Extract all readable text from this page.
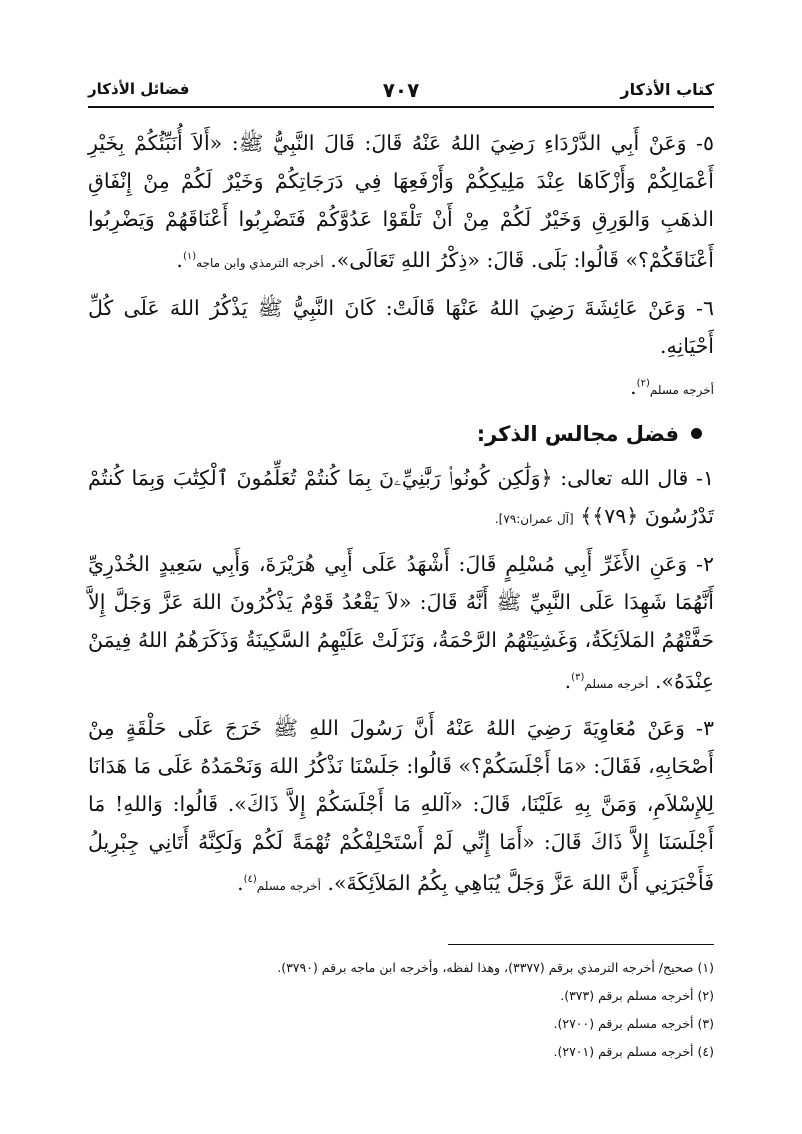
كتاب الأذكار
٧٠٧
فضائل الأذكار

٥- وَعَنْ أَبِي الدَّرْدَاءِ رَضِيَ اللهُ عَنْهُ قَالَ: قَالَ النَّبِيُّ ﷺ: «أَلاَ أُنَبِّئُكُمْ بِخَيْرِ أَعْمَالِكُمْ وَأَزْكَاهَا عِنْدَ مَلِيكِكُمْ وَأَرْفَعِهَا فِي دَرَجَاتِكُمْ وَخَيْرٌ لَكُمْ مِنْ إِنْفَاقِ الذهَبِ وَالوَرِقِ وَخَيْرٌ لَكُمْ مِنْ أَنْ تَلْقَوْا عَدُوَّكُمْ فَتَضْرِبُوا أَعْنَاقَهُمْ وَيَضْرِبُوا أَعْنَاقَكُمْ؟» قَالُوا: بَلَى. قَالَ: «ذِكْرُ اللهِ تَعَالَى». أخرجه الترمذي وابن ماجه$^{(١)}$.

٦- وَعَنْ عَائِشَةَ رَضِيَ اللهُ عَنْهَا قَالَتْ: كَانَ النَّبِيُّ ﷺ يَذْكُرُ اللهَ عَلَى كُلِّ أَحْيَانِهِ.
أخرجه مسلم$^{(٢)}$.

فضل مجالس الذكر:

١- قال الله تعالى: ﴿وَلَٰكِن كُونُوا۟ رَبَّٰنِيِّۦنَ بِمَا كُنتُمْ تُعَلِّمُونَ ٱلْكِتَٰبَ وَبِمَا كُنتُمْ تَدْرُسُونَ ﴿٧٩﴾﴾ [آل عمران:٧٩].

٢- وَعَنِ الأَغَرِّ أَبِي مُسْلِمٍ قَالَ: أَشْهَدُ عَلَى أَبِي هُرَيْرَةَ، وَأَبِي سَعِيدٍ الخُدْرِيِّ أَنَّهُمَا شَهِدَا عَلَى النَّبِيِّ ﷺ أَنَّهُ قَالَ: «لاَ يَقْعُدُ قَوْمٌ يَذْكُرُونَ اللهَ عَزَّ وَجَلَّ إِلاَّ حَفَّتْهُمُ المَلاَئِكَةُ، وَغَشِيَتْهُمُ الرَّحْمَةُ، وَنَزَلَتْ عَلَيْهِمُ السَّكِينَةُ وَذَكَرَهُمُ اللهُ فِيمَنْ عِنْدَهُ». أخرجه مسلم$^{(٣)}$.

٣- وَعَنْ مُعَاوِيَةَ رَضِيَ اللهُ عَنْهُ أَنَّ رَسُولَ اللهِ ﷺ خَرَجَ عَلَى حَلْقَةٍ مِنْ أَصْحَابِهِ، فَقَالَ: «مَا أَجْلَسَكُمْ؟» قَالُوا: جَلَسْنَا نَذْكُرُ اللهَ وَنَحْمَدُهُ عَلَى مَا هَدَانَا لِلإِسْلاَمِ، وَمَنَّ بِهِ عَلَيْنَا، قَالَ: «آللهِ مَا أَجْلَسَكُمْ إِلاَّ ذَاكَ». قَالُوا: وَاللهِ! مَا أَجْلَسَنَا إِلاَّ ذَاكَ قَالَ: «أَمَا إِنِّي لَمْ أَسْتَحْلِفْكُمْ تُهْمَةً لَكُمْ وَلَكِنَّهُ أَتَانِي جِبْرِيلُ فَأَخْبَرَنِي أَنَّ اللهَ عَزَّ وَجَلَّ يُبَاهِي بِكُمُ المَلاَئِكَةَ». أخرجه مسلم$^{(٤)}$.

(١) صحيح/ أخرجه الترمذي برقم (٣٣٧٧)، وهذا لفظه، وأخرجه ابن ماجه برقم (٣٧٩٠).
(٢) أخرجه مسلم برقم (٣٧٣).
(٣) أخرجه مسلم برقم (٢٧٠٠).
(٤) أخرجه مسلم برقم (٢٧٠١).
